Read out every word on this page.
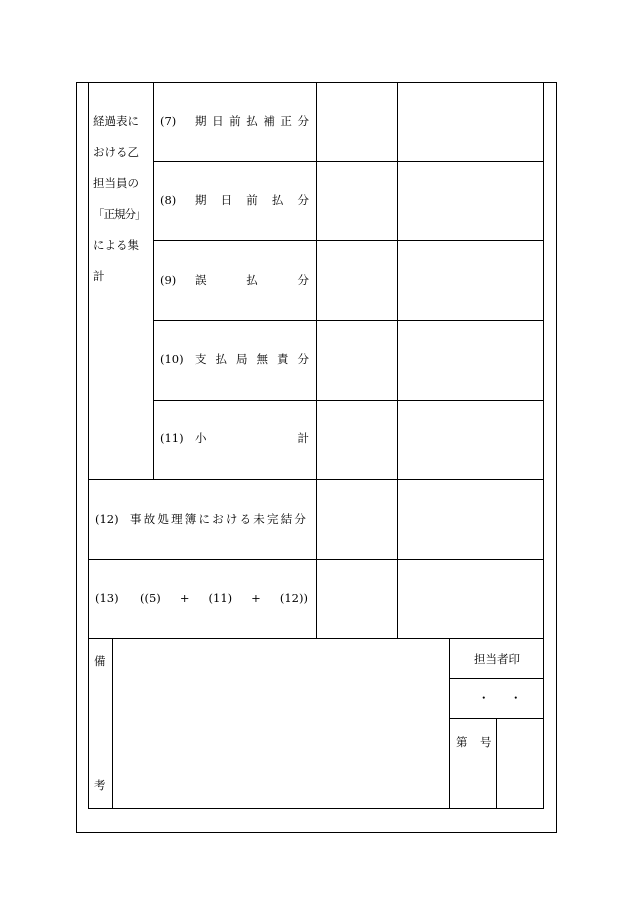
経過表に
おける乙
担当員の
「正規分」
による集
計
(7) 期 日 前 払 補 正 分
(8) 期 日 前 払 分
(9) 誤	払	分
(10) 支 払 局 無 責 分
(11) 小	計
(12) 事故処理簿における未完結分
(13) ((5) + (11) + (12))
備
考
担当者印
・ ・
第 号
